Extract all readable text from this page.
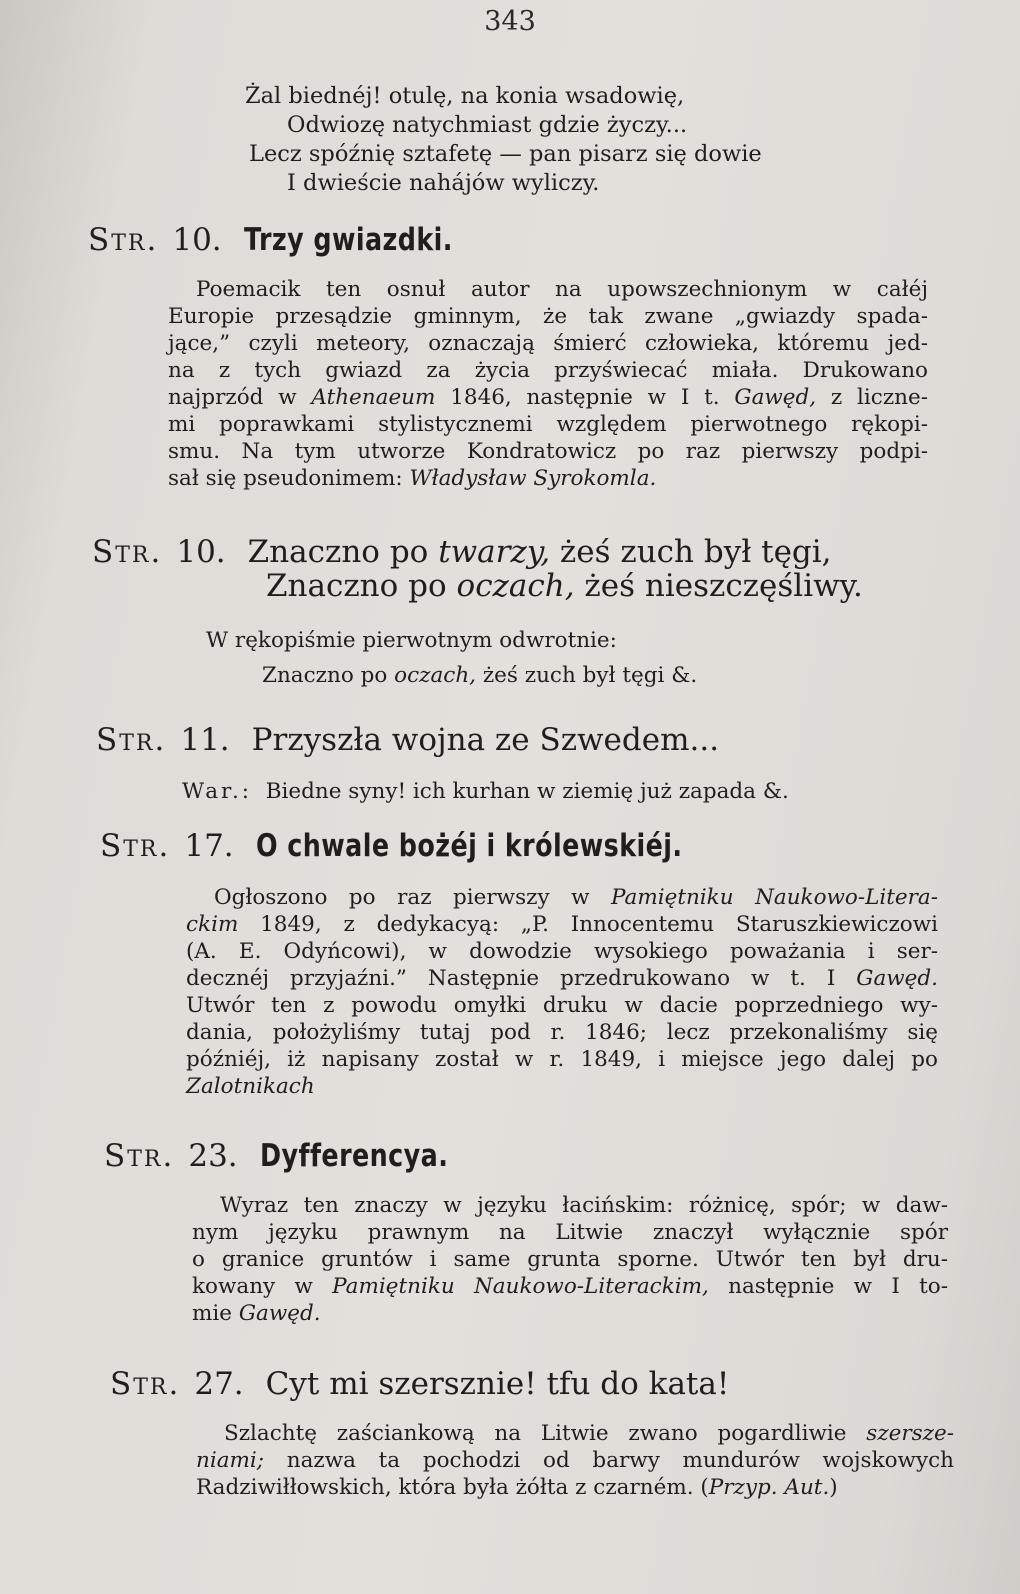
343
Żal biednéj! otulę, na konia wsadowię,
Odwiozę natychmiast gdzie życzy...
Lecz spóźnię sztafetę — pan pisarz się dowie
I dwieście nahájów wyliczy.
Str. 10. Trzy gwiazdki.
Poemacik ten osnuł autor na upowszechnionym w całéj
Europie przesądzie gminnym, że tak zwane „gwiazdy spada-
jące,” czyli meteory, oznaczają śmierć człowieka, któremu jed-
na z tych gwiazd za życia przyświecać miała. Drukowano
najprzód w Athenaeum 1846, następnie w I t. Gawęd, z liczne-
mi poprawkami stylistycznemi względem pierwotnego rękopi-
smu. Na tym utworze Kondratowicz po raz pierwszy podpi-
sał się pseudonimem: Władysław Syrokomla.
Str. 10. Znaczno po twarzy, żeś zuch był tęgi,
Znaczno po oczach, żeś nieszczęśliwy.
W rękopiśmie pierwotnym odwrotnie:
Znaczno po oczach, żeś zuch był tęgi &.
Str. 11. Przyszła wojna ze Szwedem...
War.: Biedne syny! ich kurhan w ziemię już zapada &.
Str. 17. O chwale bożéj i królewskiéj.
Ogłoszono po raz pierwszy w Pamiętniku Naukowo-Litera-
ckim 1849, z dedykacyą: „P. Innocentemu Staruszkiewiczowi
(A. E. Odyńcowi), w dowodzie wysokiego poważania i ser-
decznéj przyjaźni.” Następnie przedrukowano w t. I Gawęd.
Utwór ten z powodu omyłki druku w dacie poprzedniego wy-
dania, położyliśmy tutaj pod r. 1846; lecz przekonaliśmy się
późniéj, iż napisany został w r. 1849, i miejsce jego dalej po
Zalotnikach
Str. 23. Dyfferencya.
Wyraz ten znaczy w języku łacińskim: różnicę, spór; w daw-
nym języku prawnym na Litwie znaczył wyłącznie spór
o granice gruntów i same grunta sporne. Utwór ten był dru-
kowany w Pamiętniku Naukowo-Literackim, następnie w I to-
mie Gawęd.
Str. 27. Cyt mi szersznie! tfu do kata!
Szlachtę zaściankową na Litwie zwano pogardliwie szersze-
niami; nazwa ta pochodzi od barwy mundurów wojskowych
Radziwiłłowskich, która była żółta z czarném. (Przyp. Aut.)
